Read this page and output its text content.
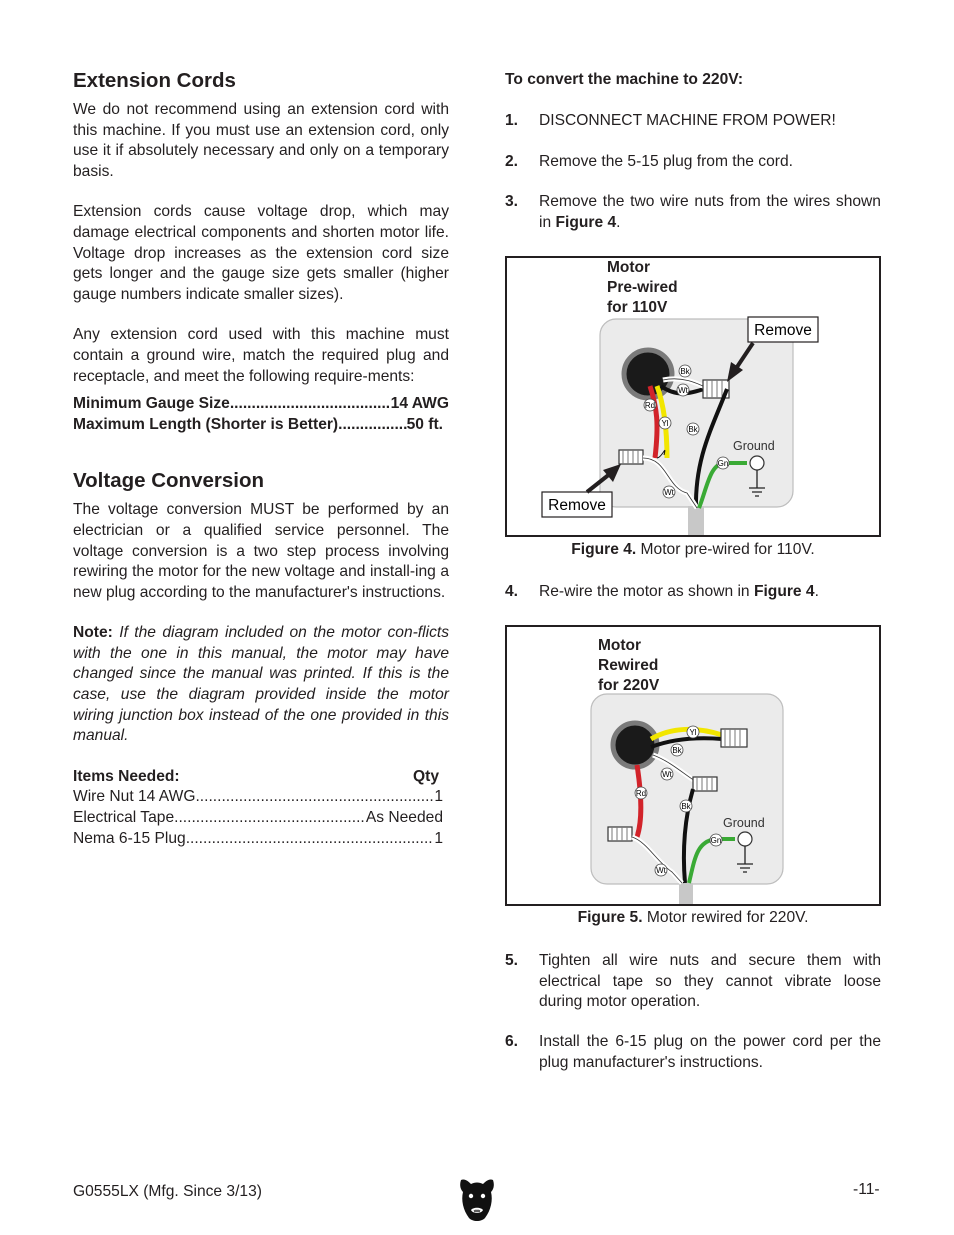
Extension Cords

We do not recommend using an extension cord with this machine. If you must use an extension cord, only use it if absolutely necessary and only on a temporary basis.

Extension cords cause voltage drop, which may damage electrical components and shorten motor life. Voltage drop increases as the extension cord size gets longer and the gauge size gets smaller (higher gauge numbers indicate smaller sizes).

Any extension cord used with this machine must contain a ground wire, match the required plug and receptacle, and meet the following require-ments:

Minimum Gauge Size .....	14 AWG
Maximum Length (Shorter is Better) .....	50 ft.
Voltage Conversion

The voltage conversion MUST be performed by an electrician or a qualified service personnel. The voltage conversion is a two step process involving rewiring the motor for the new voltage and install-ing a new plug according to the manufacturer's instructions.

Note: If the diagram included on the motor con-flicts with the one in this manual, the motor may have changed since the manual was printed. If this is the case, use the diagram provided inside the motor wiring junction box instead of the one provided in this manual.

Items Needed:	Qty
Wire Nut 14 AWG .....	1
Electrical Tape .....	As Needed
Nema 6-15 Plug .....	1
To convert the machine to 220V:
1.	DISCONNECT MACHINE FROM POWER!
2.	Remove the 5-15 plug from the cord.
3.	Remove the two wire nuts from the wires shown in Figure 4.
Bk
Wt
Rd
Yl
Bk
Gn
Wt
Ground
Motor
Pre-wired
for 110V
Remove
Remove
Figure 4. Motor pre-wired for 110V.
4.	Re-wire the motor as shown in Figure 4.
Yl
Bk
Wt
Rd
Bk
Gn
Wt
Ground
Motor
Rewired
for 220V
Figure 5. Motor rewired for 220V.
5.	Tighten all wire nuts and secure them with electrical tape so they cannot vibrate loose during motor operation.
6.	Install the 6-15 plug on the power cord per the plug manufacturer's instructions.
G0555LX (Mfg. Since 3/13)	-11-
